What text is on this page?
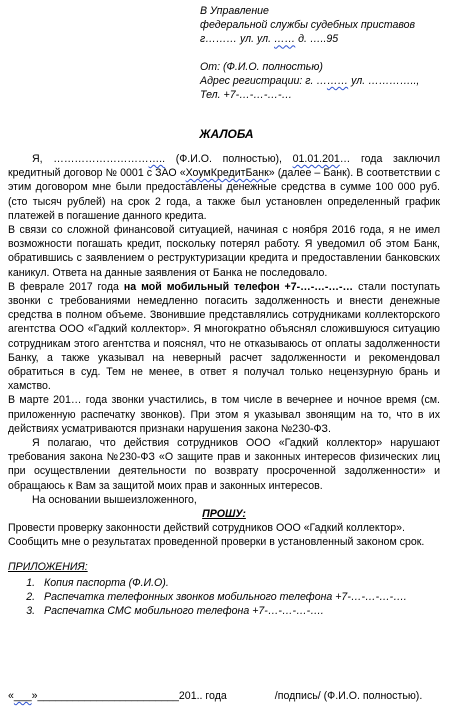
В Управление
федеральной службы судебных приставов
г……… ул. ул. …… д. …..95
От: (Ф.И.О. полностью)
Адрес регистрации: г. ……… ул. …………..,
Тел. +7-…-…-…-…
ЖАЛОБА

Я, ………………………….. (Ф.И.О. полностью), 01.01.201… года заключил кредитный договор № 0001 с ЗАО «ХоумКредитБанк» (далее – Банк). В соответствии с этим договором мне были предоставлены денежные средства в сумме 100 000 руб. (сто тысяч рублей) на срок 2 года, а также был установлен определенный график платежей в погашение данного кредита.

В связи со сложной финансовой ситуацией, начиная с ноября 2016 года, я не имел возможности погашать кредит, поскольку потерял работу. Я уведомил об этом Банк, обратившись с заявлением о реструктуризации кредита и предоставлении банковских каникул. Ответа на данные заявления от Банка не последовало.

В феврале 2017 года на мой мобильный телефон +7-…-…-…-… стали поступать звонки с требованиями немедленно погасить задолженность и внести денежные средства в полном объеме. Звонившие представлялись сотрудниками коллекторского агентства ООО «Гадкий коллектор». Я многократно объяснял сложившуюся ситуацию сотрудникам этого агентства и пояснял, что не отказываюсь от оплаты задолженности Банку, а также указывал на неверный расчет задолженности и рекомендовал обратиться в суд. Тем не менее, в ответ я получал только нецензурную брань и хамство.

В марте 201… года звонки участились, в том числе в вечернее и ночное время (см. приложенную распечатку звонков). При этом я указывал звонящим на то, что в их действиях усматриваются признаки нарушения закона №230-ФЗ.

Я полагаю, что действия сотрудников ООО «Гадкий коллектор» нарушают требования закона №230-ФЗ «О защите прав и законных интересов физических лиц при осуществлении деятельности по возврату просроченной задолженности» и обращаюсь к Вам за защитой моих прав и законных интересов.

На основании вышеизложенного,

ПРОШУ:

Провести проверку законности действий сотрудников ООО «Гадкий коллектор».

Сообщить мне о результатах проведенной проверки в установленный законом срок.

ПРИЛОЖЕНИЯ:
1. Копия паспорта (Ф.И.О).
2. Распечатка телефонных звонков мобильного телефона +7-…-…-…-….
3. Распечатка СМС мобильного телефона +7-…-…-…-….
«___»________________________201.. года	/подпись/ (Ф.И.О. полностью).
